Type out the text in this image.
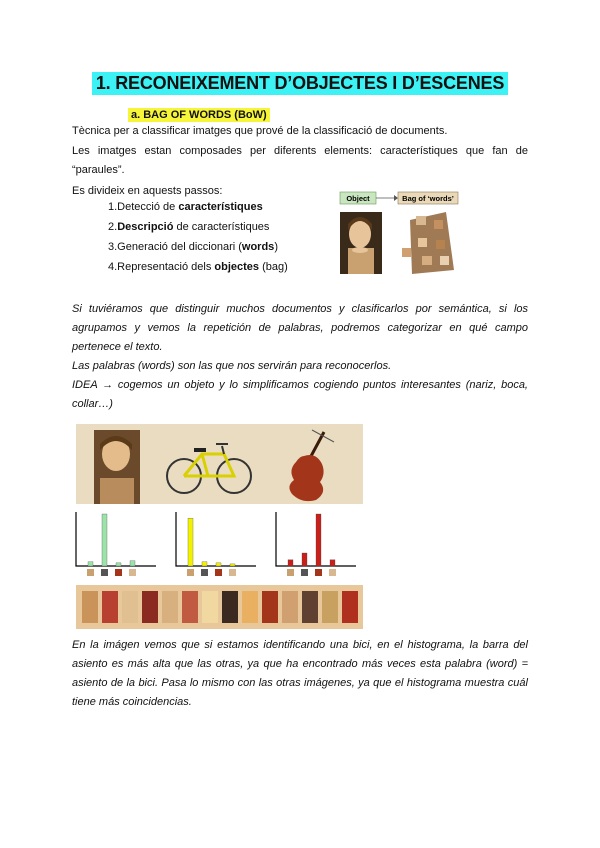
1. RECONEIXEMENT D’OBJECTES I D’ESCENES
a. BAG OF WORDS (BoW)
Tècnica per a classificar imatges que prové de la classificació de documents.
Les imatges estan composades per diferents elements: característiques que fan de “paraules”.
Es divideix en aquests passos:
1.Detecció de característiques
2.Descripció de característiques
3.Generació del diccionari (words)
4.Representació dels objectes (bag)
Object	Bag of ‘words’
Si tuviéramos que distinguir muchos documentos y clasificarlos por semántica, si los agrupamos y vemos la repetición de palabras, podremos categorizar en qué campo pertenece el texto.
Las palabras (words) son las que nos servirán para reconocerlos.
IDEA → cogemos un objeto y lo simplificamos cogiendo puntos interesantes (nariz, boca, collar…)
En la imágen vemos que si estamos identificando una bici, en el histograma, la barra del asiento es más alta que las otras, ya que ha encontrado más veces esta palabra (word) = asiento de la bici. Pasa lo mismo con las otras imágenes, ya que el histograma muestra cuál tiene más coincidencias.
